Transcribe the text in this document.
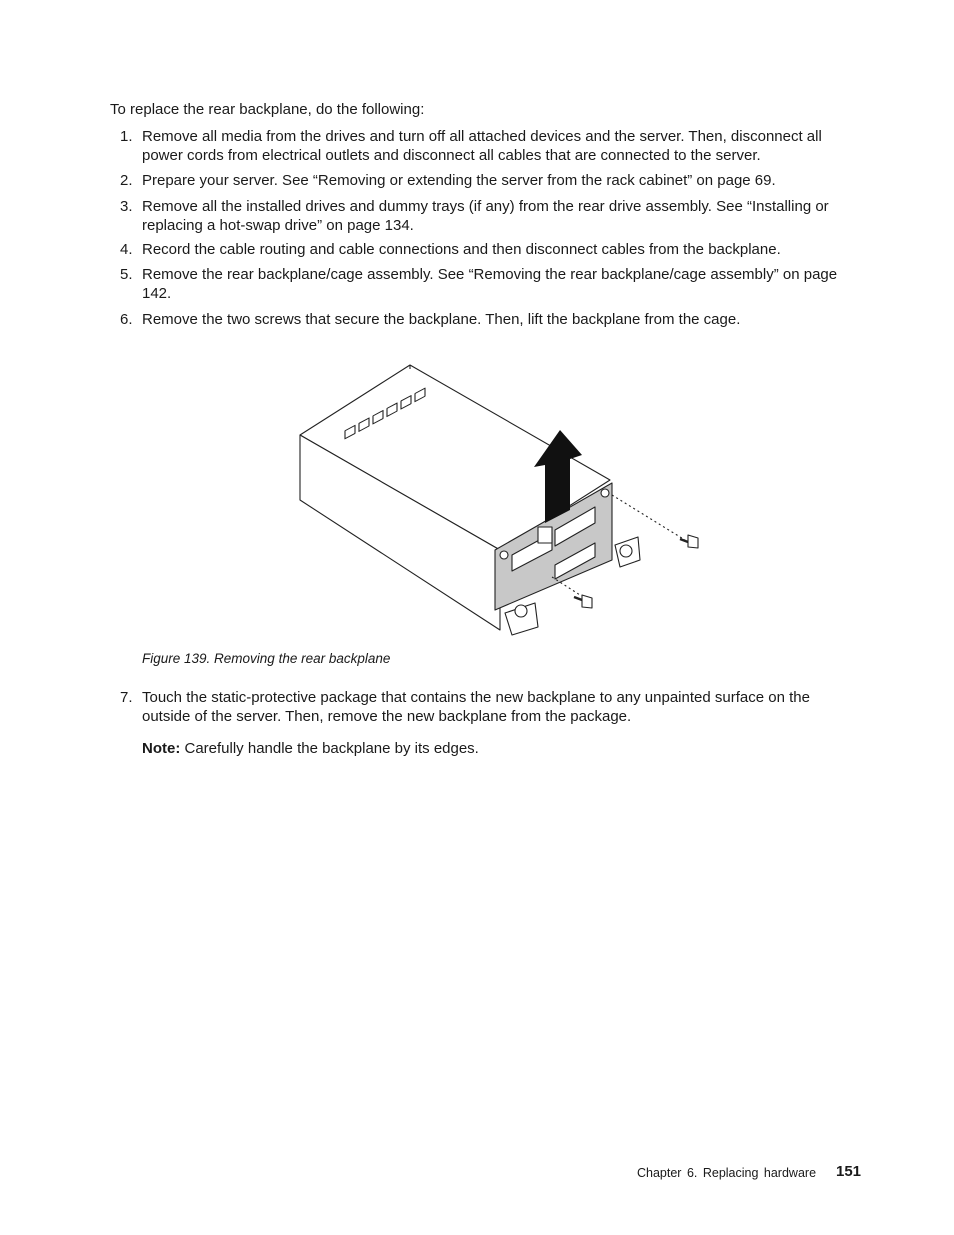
To replace the rear backplane, do the following:
1. Remove all media from the drives and turn off all attached devices and the server. Then, disconnect all power cords from electrical outlets and disconnect all cables that are connected to the server.
2. Prepare your server. See “Removing or extending the server from the rack cabinet” on page 69.
3. Remove all the installed drives and dummy trays (if any) from the rear drive assembly. See “Installing or replacing a hot-swap drive” on page 134.
4. Record the cable routing and cable connections and then disconnect cables from the backplane.
5. Remove the rear backplane/cage assembly. See “Removing the rear backplane/cage assembly” on page 142.
6. Remove the two screws that secure the backplane. Then, lift the backplane from the cage.
7. Touch the static-protective package that contains the new backplane to any unpainted surface on the outside of the server. Then, remove the new backplane from the package.
Figure 139. Removing the rear backplane
Note: Carefully handle the backplane by its edges.
Chapter 6. Replacing hardware 151
